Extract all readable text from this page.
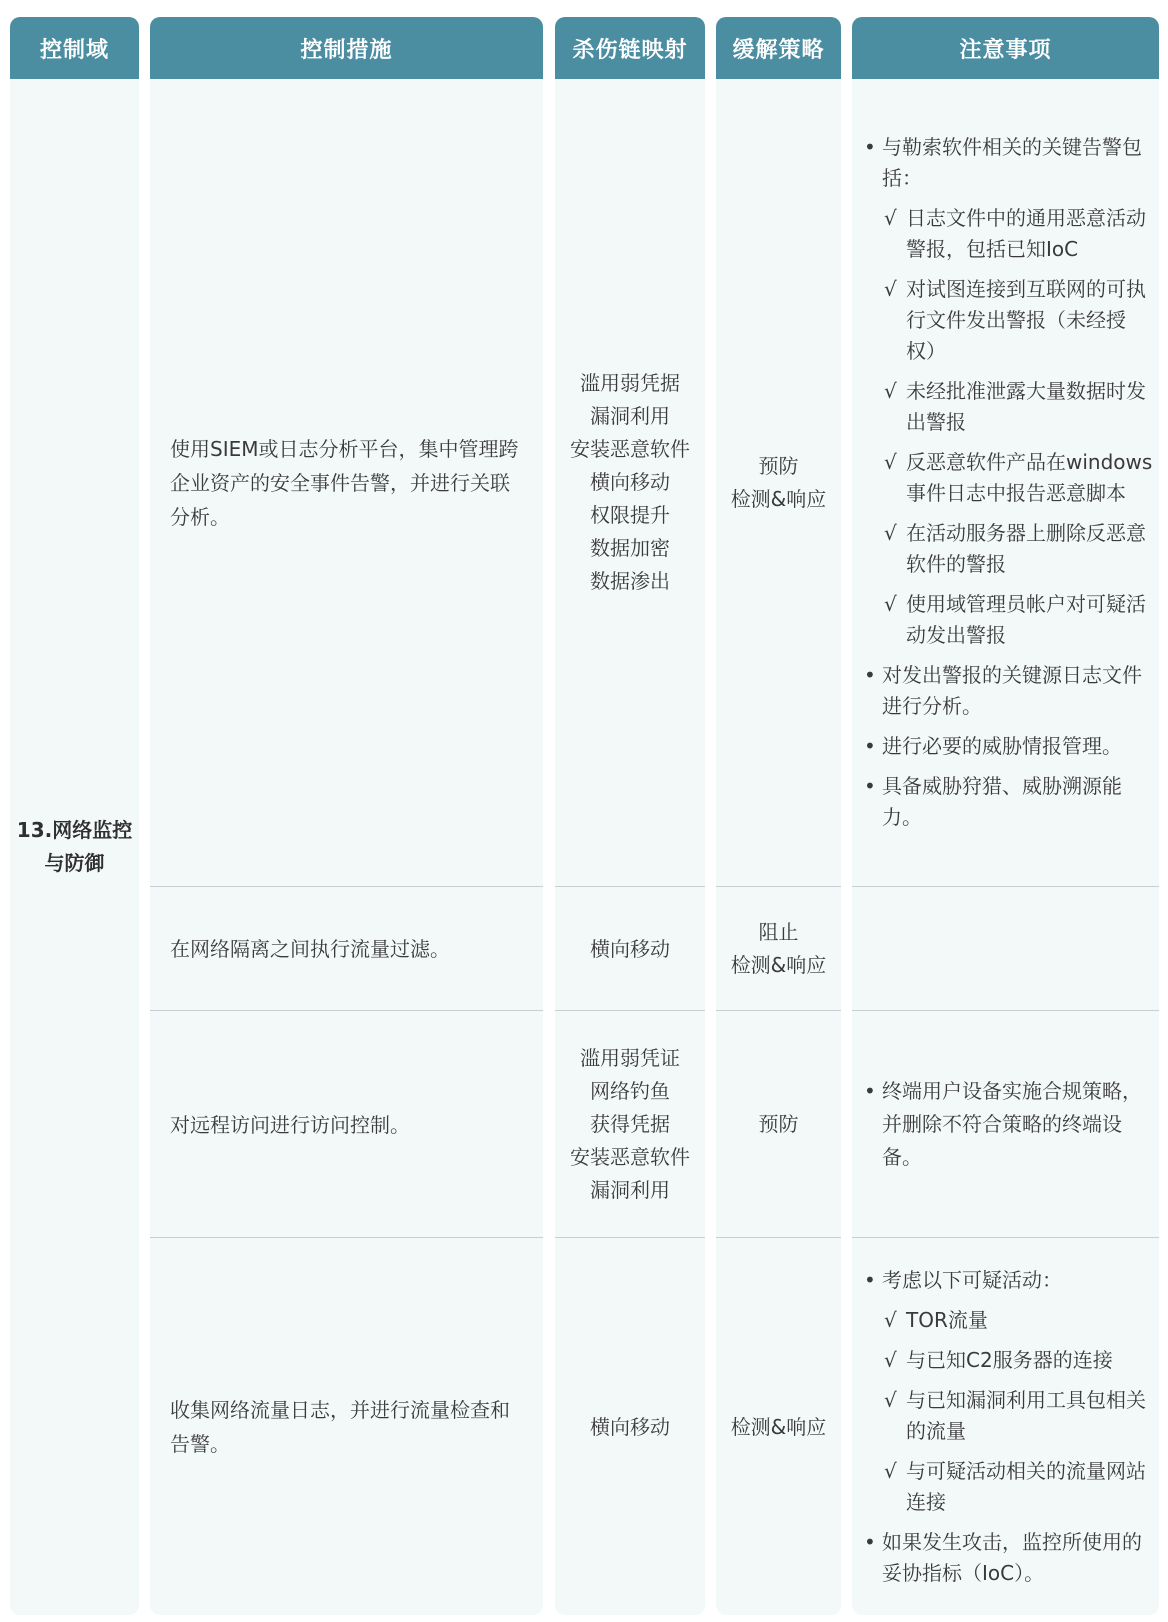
控制域
13.网络监控
与防御
控制措施
使用SIEM或日志分析平台，集中管理跨企业资产的安全事件告警，并进行关联分析。
在网络隔离之间执行流量过滤。
对远程访问进行访问控制。
收集网络流量日志，并进行流量检查和告警。
杀伤链映射
滥用弱凭据
漏洞利用
安装恶意软件
横向移动
权限提升
数据加密
数据渗出
横向移动
滥用弱凭证
网络钓鱼
获得凭据
安装恶意软件
漏洞利用
横向移动
缓解策略
预防
检测&响应
阻止
检测&响应
预防
检测&响应
注意事项
• 与勒索软件相关的关键告警包括：
√ 日志文件中的通用恶意活动警报，包括已知IoC
√ 对试图连接到互联网的可执行文件发出警报（未经授权）
√ 未经批准泄露大量数据时发出警报
√ 反恶意软件产品在windows事件日志中报告恶意脚本
√ 在活动服务器上删除反恶意软件的警报
√ 使用域管理员帐户对可疑活动发出警报
• 对发出警报的关键源日志文件进行分析。
• 进行必要的威胁情报管理。
• 具备威胁狩猎、威胁溯源能力。
• 终端用户设备实施合规策略，并删除不符合策略的终端设备。
• 考虑以下可疑活动：
√ TOR流量
√ 与已知C2服务器的连接
√ 与已知漏洞利用工具包相关的流量
√ 与可疑活动相关的流量网站连接
• 如果发生攻击，监控所使用的妥协指标（IoC）。
